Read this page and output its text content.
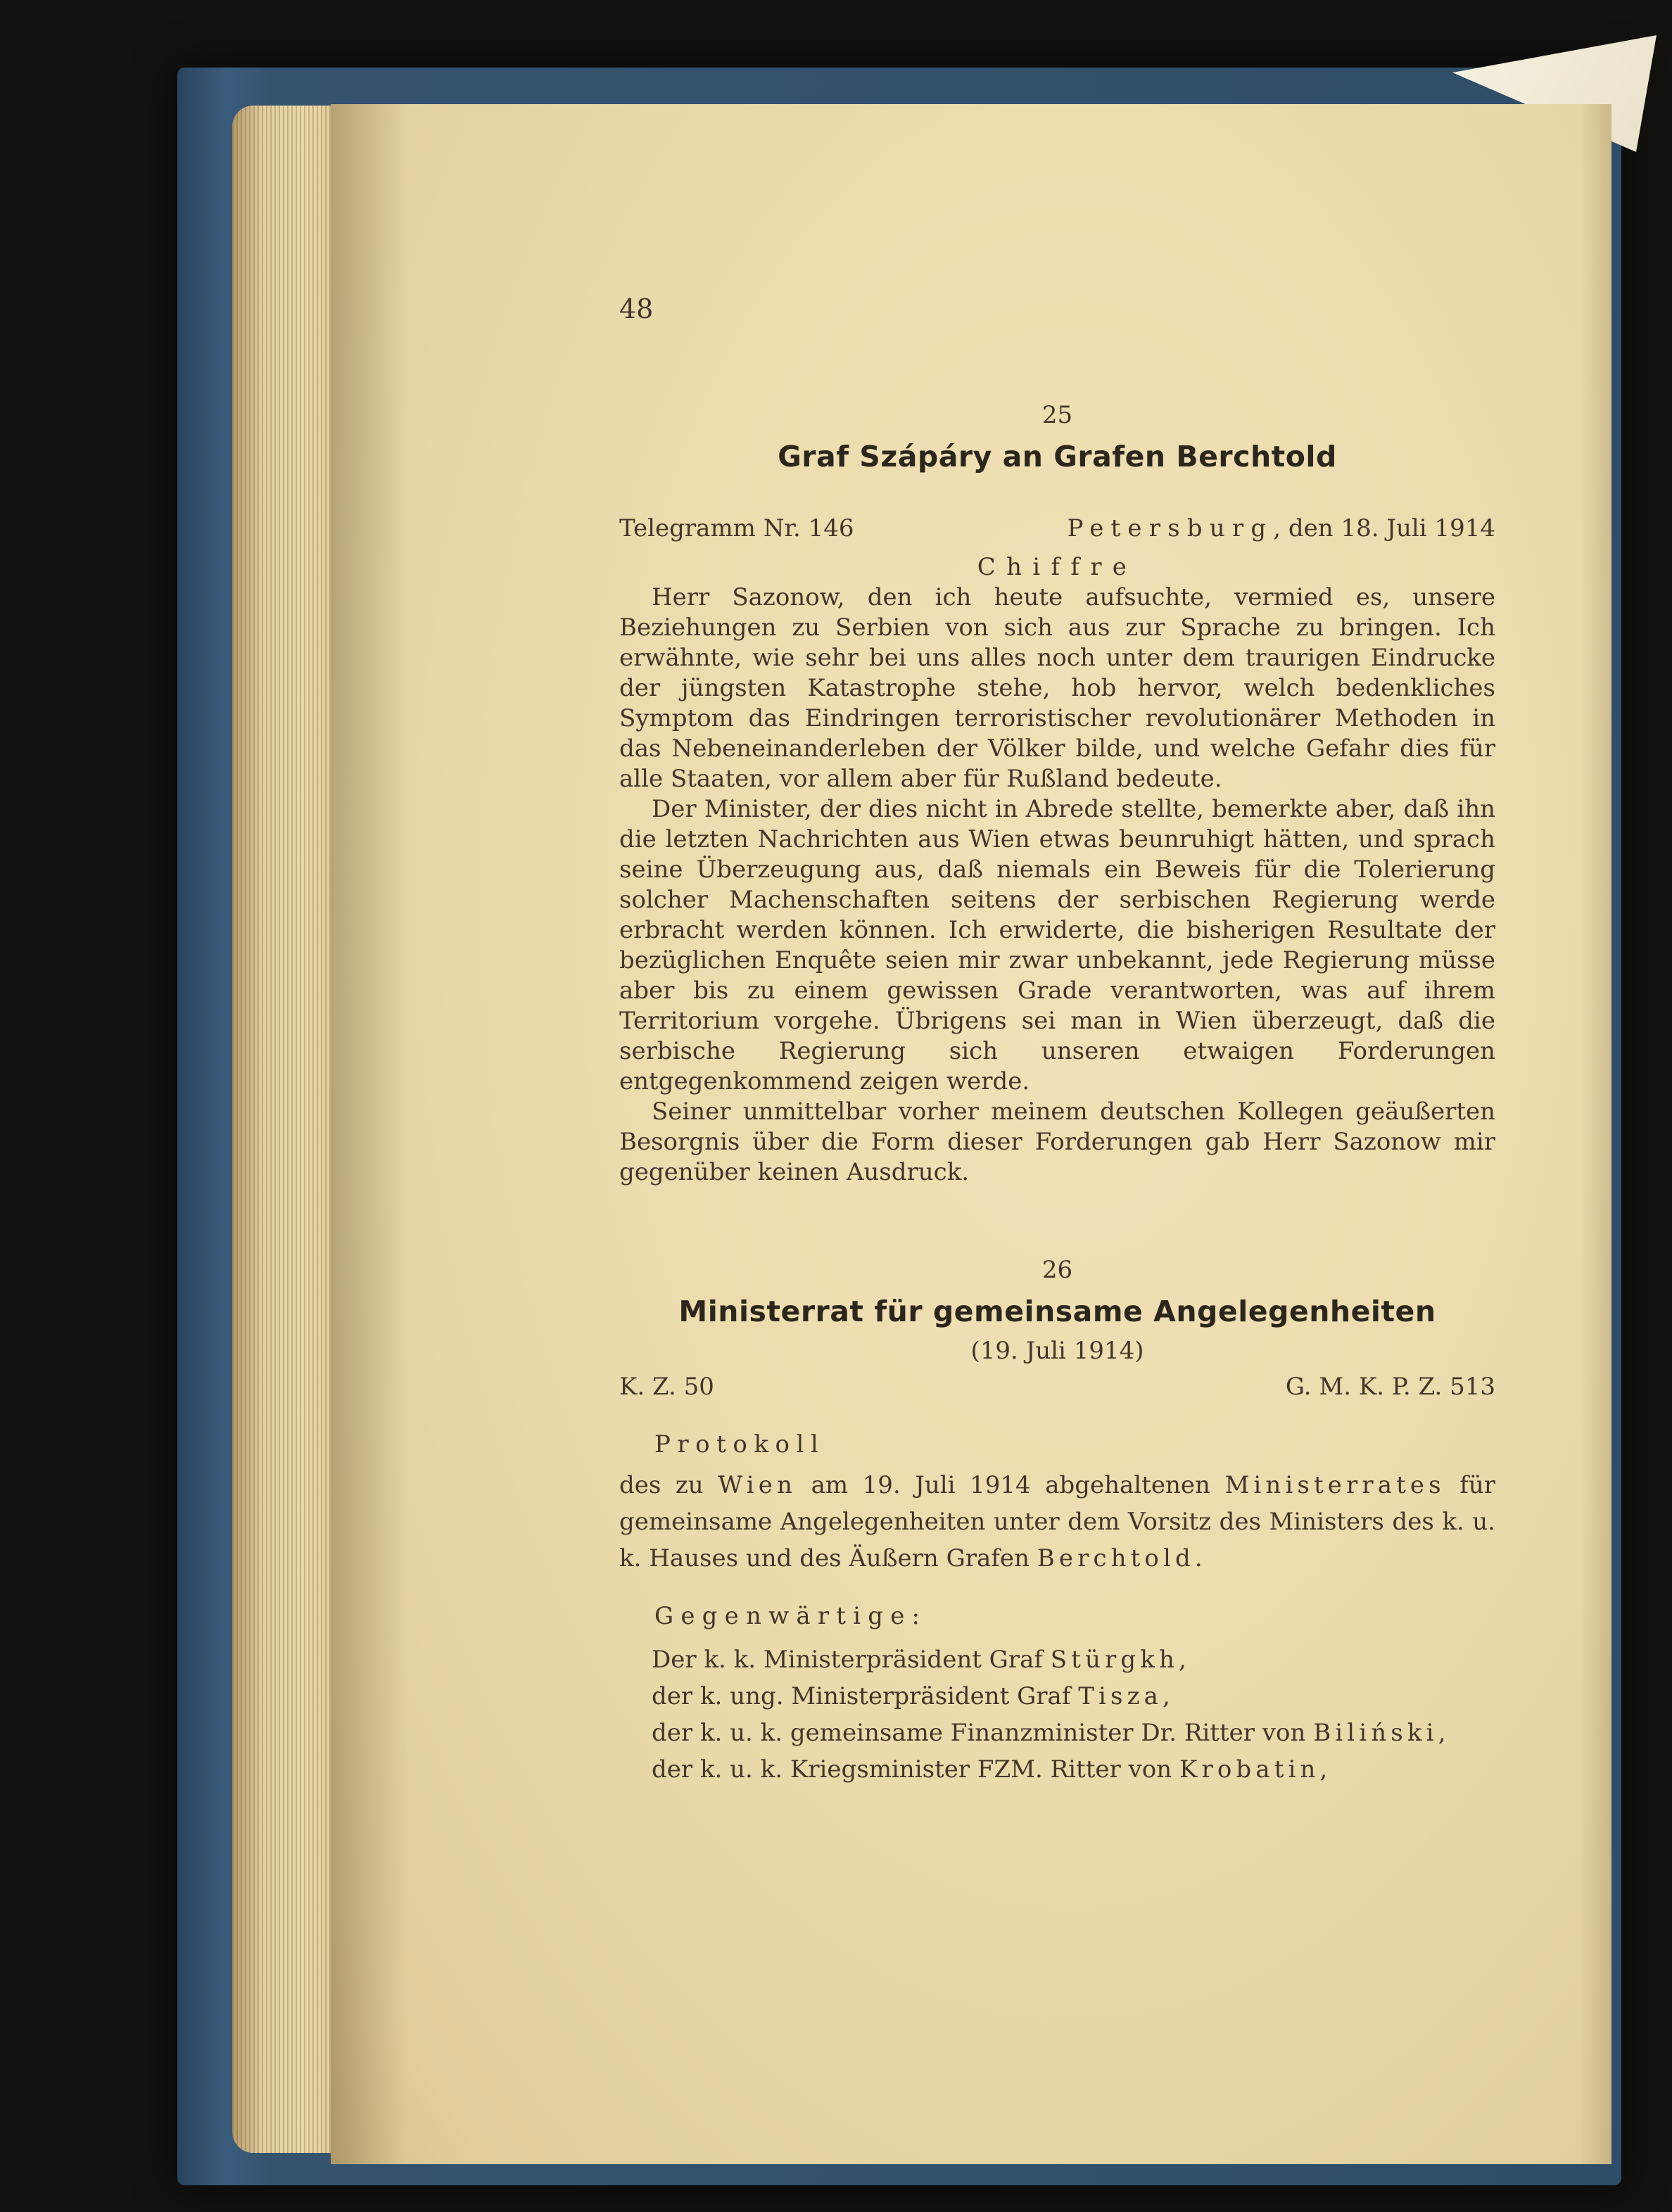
48
25
Graf Szápáry an Grafen Berchtold
Telegramm Nr. 146	Petersburg, den 18. Juli 1914
Chiffre

Herr Sazonow, den ich heute aufsuchte, vermied es, unsere Beziehungen zu Serbien von sich aus zur Sprache zu bringen. Ich erwähnte, wie sehr bei uns alles noch unter dem traurigen Eindrucke der jüngsten Katastrophe stehe, hob hervor, welch bedenkliches Symptom das Eindringen terroristischer revolutionärer Methoden in das Nebeneinanderleben der Völker bilde, und welche Gefahr dies für alle Staaten, vor allem aber für Rußland bedeute.

Der Minister, der dies nicht in Abrede stellte, bemerkte aber, daß ihn die letzten Nachrichten aus Wien etwas beunruhigt hätten, und sprach seine Überzeugung aus, daß niemals ein Beweis für die Tolerierung solcher Machenschaften seitens der serbischen Regierung werde erbracht werden können. Ich erwiderte, die bisherigen Resultate der bezüglichen Enquête seien mir zwar unbekannt, jede Regierung müsse aber bis zu einem gewissen Grade verantworten, was auf ihrem Territorium vorgehe. Übrigens sei man in Wien überzeugt, daß die serbische Regierung sich unseren etwaigen Forderungen entgegenkommend zeigen werde.

Seiner unmittelbar vorher meinem deutschen Kollegen geäußerten Besorgnis über die Form dieser Forderungen gab Herr Sazonow mir gegenüber keinen Ausdruck.

26
Ministerrat für gemeinsame Angelegenheiten
(19. Juli 1914)
K. Z. 50	G. M. K. P. Z. 513

Protokoll

des zu Wien am 19. Juli 1914 abgehaltenen Ministerrates für gemeinsame Angelegenheiten unter dem Vorsitz des Ministers des k. u. k. Hauses und des Äußern Grafen Berchtold.

Gegenwärtige:

Der k. k. Ministerpräsident Graf Stürgkh,

der k. ung. Ministerpräsident Graf Tisza,

der k. u. k. gemeinsame Finanzminister Dr. Ritter von Biliński,

der k. u. k. Kriegsminister FZM. Ritter von Krobatin,
